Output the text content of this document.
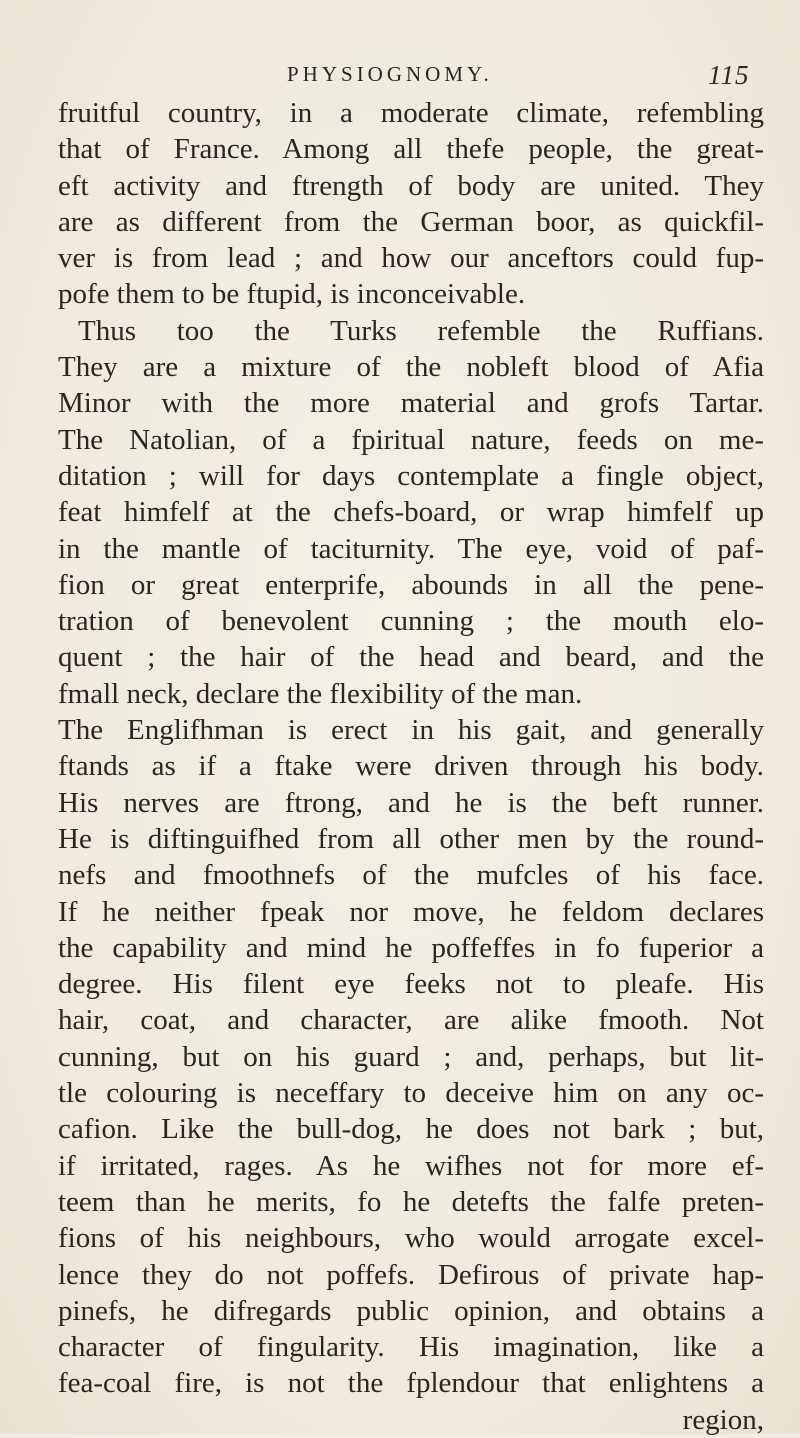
PHYSIOGNOMY.	115
fruitful country, in a moderate climate, refembling
that of France. Among all thefe people, the great-
eft activity and ftrength of body are united. They
are as different from the German boor, as quickfil-
ver is from lead ; and how our anceftors could fup-
pofe them to be ftupid, is inconceivable.
Thus too the Turks refemble the Ruffians.
They are a mixture of the nobleft blood of Afia
Minor with the more material and grofs Tartar.
The Natolian, of a fpiritual nature, feeds on me-
ditation ; will for days contemplate a fingle object,
feat himfelf at the chefs-board, or wrap himfelf up
in the mantle of taciturnity. The eye, void of paf-
fion or great enterprife, abounds in all the pene-
tration of benevolent cunning ; the mouth elo-
quent ; the hair of the head and beard, and the
fmall neck, declare the flexibility of the man.
The Englifhman is erect in his gait, and generally
ftands as if a ftake were driven through his body.
His nerves are ftrong, and he is the beft runner.
He is diftinguifhed from all other men by the round-
nefs and fmoothnefs of the mufcles of his face.
If he neither fpeak nor move, he feldom declares
the capability and mind he poffeffes in fo fuperior a
degree. His filent eye feeks not to pleafe. His
hair, coat, and character, are alike fmooth. Not
cunning, but on his guard ; and, perhaps, but lit-
tle colouring is neceffary to deceive him on any oc-
cafion. Like the bull-dog, he does not bark ; but,
if irritated, rages. As he wifhes not for more ef-
teem than he merits, fo he detefts the falfe preten-
fions of his neighbours, who would arrogate excel-
lence they do not poffefs. Defirous of private hap-
pinefs, he difregards public opinion, and obtains a
character of fingularity. His imagination, like a
fea-coal fire, is not the fplendour that enlightens a
region,
